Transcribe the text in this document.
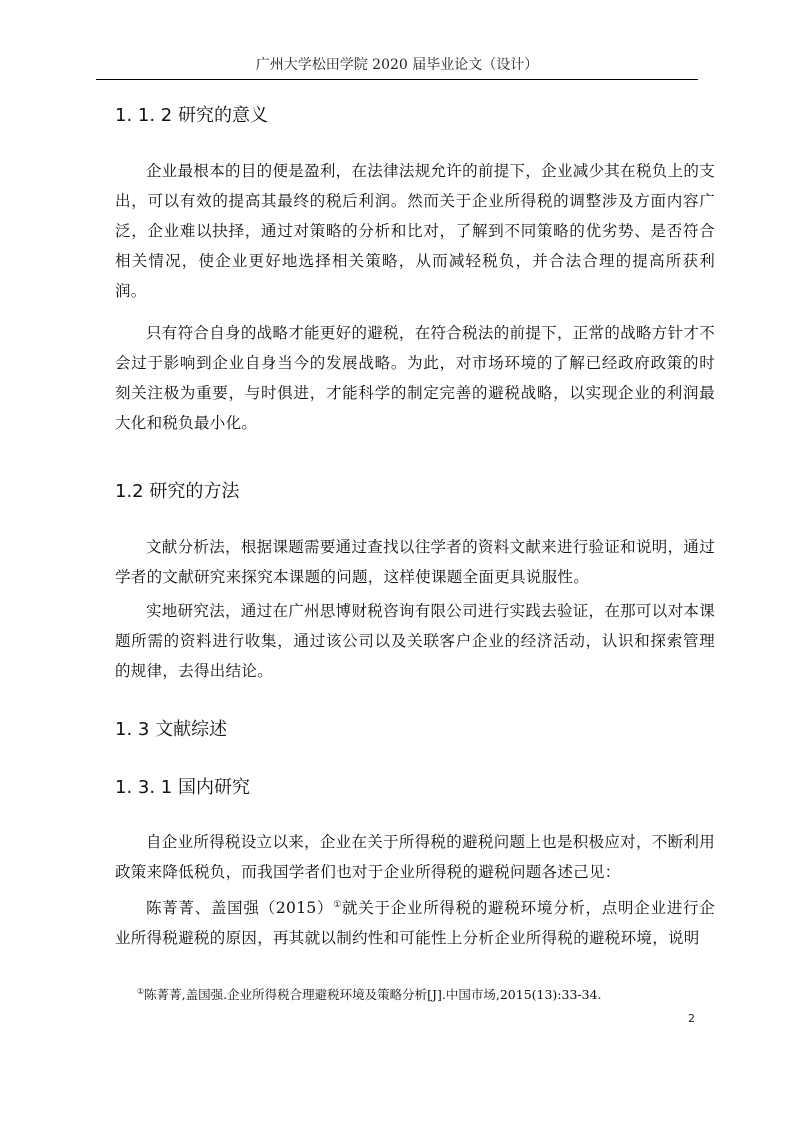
广州大学松田学院 2020 届毕业论文（设计）
1. 1. 2 研究的意义
企业最根本的目的便是盈利，在法律法规允许的前提下，企业减少其在税负上的支出，可以有效的提高其最终的税后利润。然而关于企业所得税的调整涉及方面内容广泛，企业难以抉择，通过对策略的分析和比对，了解到不同策略的优劣势、是否符合相关情况，使企业更好地选择相关策略，从而减轻税负，并合法合理的提高所获利润。
只有符合自身的战略才能更好的避税，在符合税法的前提下，正常的战略方针才不会过于影响到企业自身当今的发展战略。为此，对市场环境的了解已经政府政策的时刻关注极为重要，与时俱进，才能科学的制定完善的避税战略，以实现企业的利润最大化和税负最小化。
1.2 研究的方法
文献分析法，根据课题需要通过查找以往学者的资料文献来进行验证和说明，通过学者的文献研究来探究本课题的问题，这样使课题全面更具说服性。
实地研究法，通过在广州思博财税咨询有限公司进行实践去验证，在那可以对本课题所需的资料进行收集，通过该公司以及关联客户企业的经济活动，认识和探索管理的规律，去得出结论。
1. 3 文献综述
1. 3. 1 国内研究
自企业所得税设立以来，企业在关于所得税的避税问题上也是积极应对，不断利用政策来降低税负，而我国学者们也对于企业所得税的避税问题各述己见：
陈菁菁、盖国强（2015）①就关于企业所得税的避税环境分析，点明企业进行企业所得税避税的原因，再其就以制约性和可能性上分析企业所得税的避税环境，说明
①陈菁菁,盖国强.企业所得税合理避税环境及策略分析[J].中国市场,2015(13):33-34.
2
